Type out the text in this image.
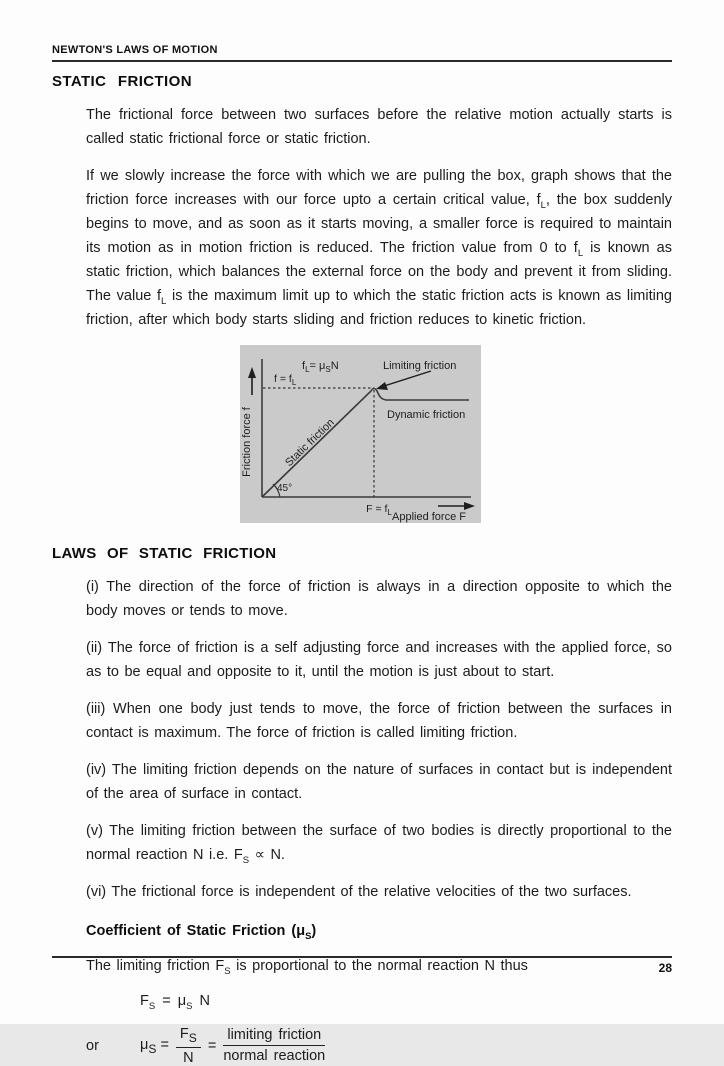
NEWTON'S LAWS OF MOTION
STATIC FRICTION

The frictional force between two surfaces before the relative motion actually starts is called static frictional force or static friction.

If we slowly increase the force with which we are pulling the box, graph shows that the friction force increases with our force upto a certain critical value, $f_L$, the box suddenly begins to move, and as soon as it starts moving, a smaller force is required to maintain its motion as in motion friction is reduced. The friction value from 0 to $f_L$ is known as static friction, which balances the external force on the body and prevent it from sliding. The value $f_L$ is the maximum limit up to which the static friction acts is known as limiting friction, after which body starts sliding and friction reduces to kinetic friction.

$f_L= \mu_SN$	Limiting friction
$f = f_L$
Dynamic friction
Static friction
45°
Friction force f
$F = f_L$ Applied force F
LAWS OF STATIC FRICTION

(i) The direction of the force of friction is always in a direction opposite to which the body moves or tends to move.

(ii) The force of friction is a self adjusting force and increases with the applied force, so as to be equal and opposite to it, until the motion is just about to start.

(iii) When one body just tends to move, the force of friction between the surfaces in contact is maximum. The force of friction is called limiting friction.

(iv) The limiting friction depends on the nature of surfaces in contact but is independent of the area of surface in contact.

(v) The limiting friction between the surface of two bodies is directly proportional to the normal reaction N i.e. $F_S \propto N$.

(vi) The frictional force is independent of the relative velocities of the two surfaces.

Coefficient of Static Friction $(\mu_S)$

The limiting friction $F_S$ is proportional to the normal reaction N thus

$F_S = \mu_S$ N
or	$\mu_S = \frac{F_S}{N} = \frac{\text{limiting friction}}{\text{normal reaction}}$
28
